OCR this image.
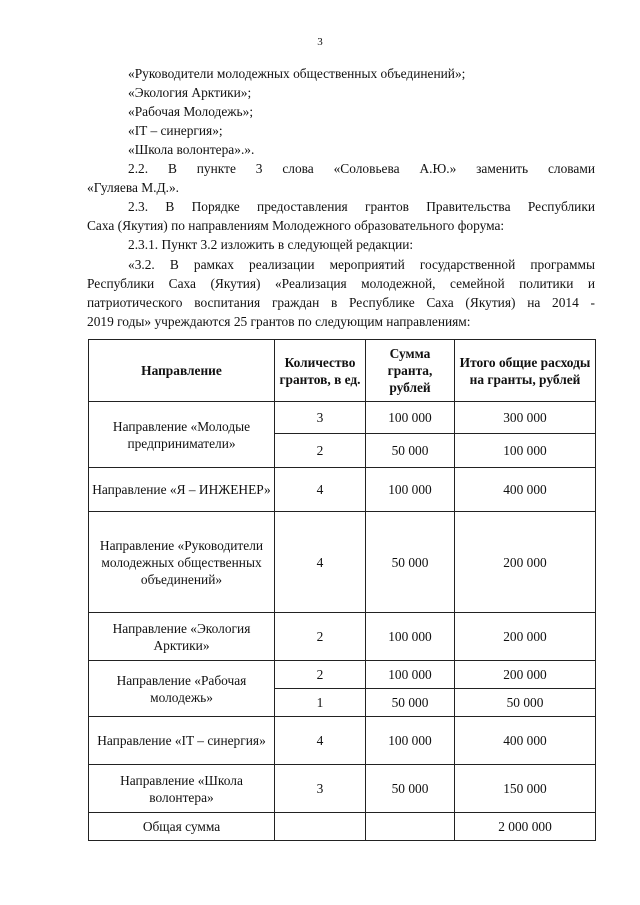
3
«Руководители молодежных общественных объединений»;
«Экология Арктики»;
«Рабочая Молодежь»;
«IT – синергия»;
«Школа волонтера».».
2.2. В пункте 3 слова «Соловьева А.Ю.» заменить словами
«Гуляева М.Д.».
2.3. В Порядке предоставления грантов Правительства Республики
Саха (Якутия) по направлениям Молодежного образовательного форума:
2.3.1. Пункт 3.2 изложить в следующей редакции:
«3.2. В рамках реализации мероприятий государственной программы
Республики Саха (Якутия) «Реализация молодежной, семейной политики и
патриотического воспитания граждан в Республике Саха (Якутия) на 2014 -
2019 годы» учреждаются 25 грантов по следующим направлениям:
Направление	Количество грантов, в ед.	Сумма гранта, рублей	Итого общие расходы на гранты, рублей
Направление «Молодые предприниматели»	3	100 000	300 000
	2	50 000	100 000
Направление «Я – ИНЖЕНЕР»	4	100 000	400 000
Направление «Руководители молодежных общественных объединений»	4	50 000	200 000
Направление «Экология Арктики»	2	100 000	200 000
Направление «Рабочая молодежь»	2	100 000	200 000
	1	50 000	50 000
Направление «IT – синергия»	4	100 000	400 000
Направление «Школа волонтера»	3	50 000	150 000
Общая сумма			2 000 000
